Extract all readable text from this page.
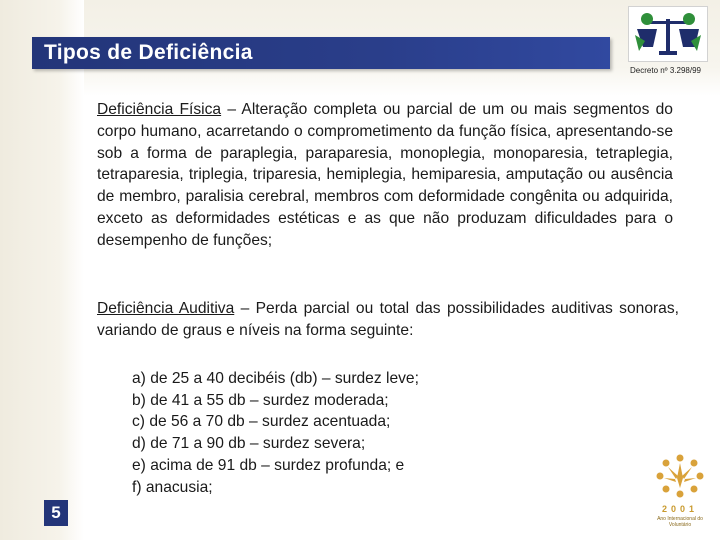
Tipos de Deficiência
Decreto nº 3.298/99

Deficiência Física – Alteração completa ou parcial de um ou mais segmentos do corpo humano, acarretando o comprometimento da função física, apresentando-se sob a forma de paraplegia, paraparesia, monoplegia, monoparesia, tetraplegia, tetraparesia, triplegia, triparesia, hemiplegia, hemiparesia, amputação ou ausência de membro, paralisia cerebral, membros com deformidade congênita ou adquirida, exceto as deformidades estéticas e as que não produzam dificuldades para o desempenho de funções;

Deficiência Auditiva – Perda parcial ou total das possibilidades auditivas sonoras, variando de graus e níveis na forma seguinte:

a) de 25 a 40 decibéis (db) – surdez leve;
b) de 41 a 55 db – surdez moderada;
c) de 56 a 70 db – surdez acentuada;
d) de 71 a 90 db – surdez severa;
e) acima de 91 db – surdez profunda; e
f) anacusia;
5	2001
Ano Internacional do Voluntário
